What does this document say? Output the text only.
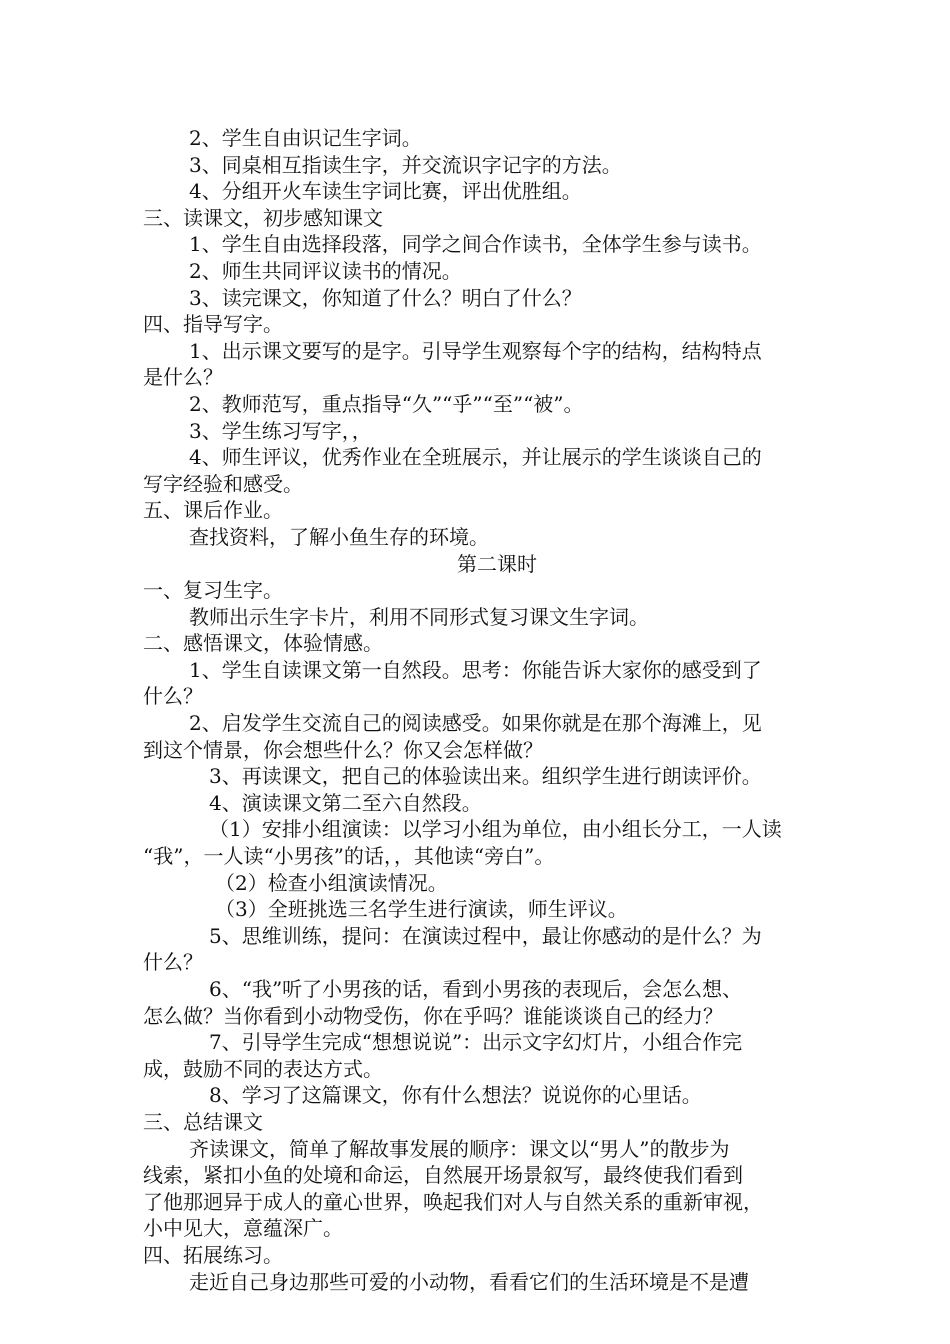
2、学生自由识记生字词。
3、同桌相互指读生字，并交流识字记字的方法。
4、分组开火车读生字词比赛，评出优胜组。
三、读课文，初步感知课文
1、学生自由选择段落，同学之间合作读书，全体学生参与读书。
2、师生共同评议读书的情况。
3、读完课文，你知道了什么？明白了什么？
四、指导写字。
1、出示课文要写的是字。引导学生观察每个字的结构，结构特点
是什么？
2、教师范写，重点指导“久”“乎”“至”“被”。
3、学生练习写字，，
4、师生评议，优秀作业在全班展示，并让展示的学生谈谈自己的
写字经验和感受。
五、课后作业。
查找资料，了解小鱼生存的环境。
第二课时
一、复习生字。
教师出示生字卡片，利用不同形式复习课文生字词。
二、感悟课文，体验情感。
1、学生自读课文第一自然段。思考：你能告诉大家你的感受到了
什么？
2、启发学生交流自己的阅读感受。如果你就是在那个海滩上，见
到这个情景，你会想些什么？你又会怎样做？
3、再读课文，把自己的体验读出来。组织学生进行朗读评价。
4、演读课文第二至六自然段。
（1）安排小组演读：以学习小组为单位，由小组长分工，一人读
“我”，一人读“小男孩”的话，，其他读“旁白”。
（2）检查小组演读情况。
（3）全班挑选三名学生进行演读，师生评议。
5、思维训练，提问：在演读过程中，最让你感动的是什么？为
什么？
6、“我”听了小男孩的话，看到小男孩的表现后，会怎么想、
怎么做？当你看到小动物受伤，你在乎吗？谁能谈谈自己的经力？
7、引导学生完成“想想说说”：出示文字幻灯片，小组合作完
成，鼓励不同的表达方式。
8、学习了这篇课文，你有什么想法？说说你的心里话。
三、总结课文
齐读课文，简单了解故事发展的顺序：课文以“男人”的散步为
线索，紧扣小鱼的处境和命运，自然展开场景叙写，最终使我们看到
了他那迥异于成人的童心世界，唤起我们对人与自然关系的重新审视，
小中见大，意蕴深广。
四、拓展练习。
走近自己身边那些可爱的小动物，看看它们的生活环境是不是遭
